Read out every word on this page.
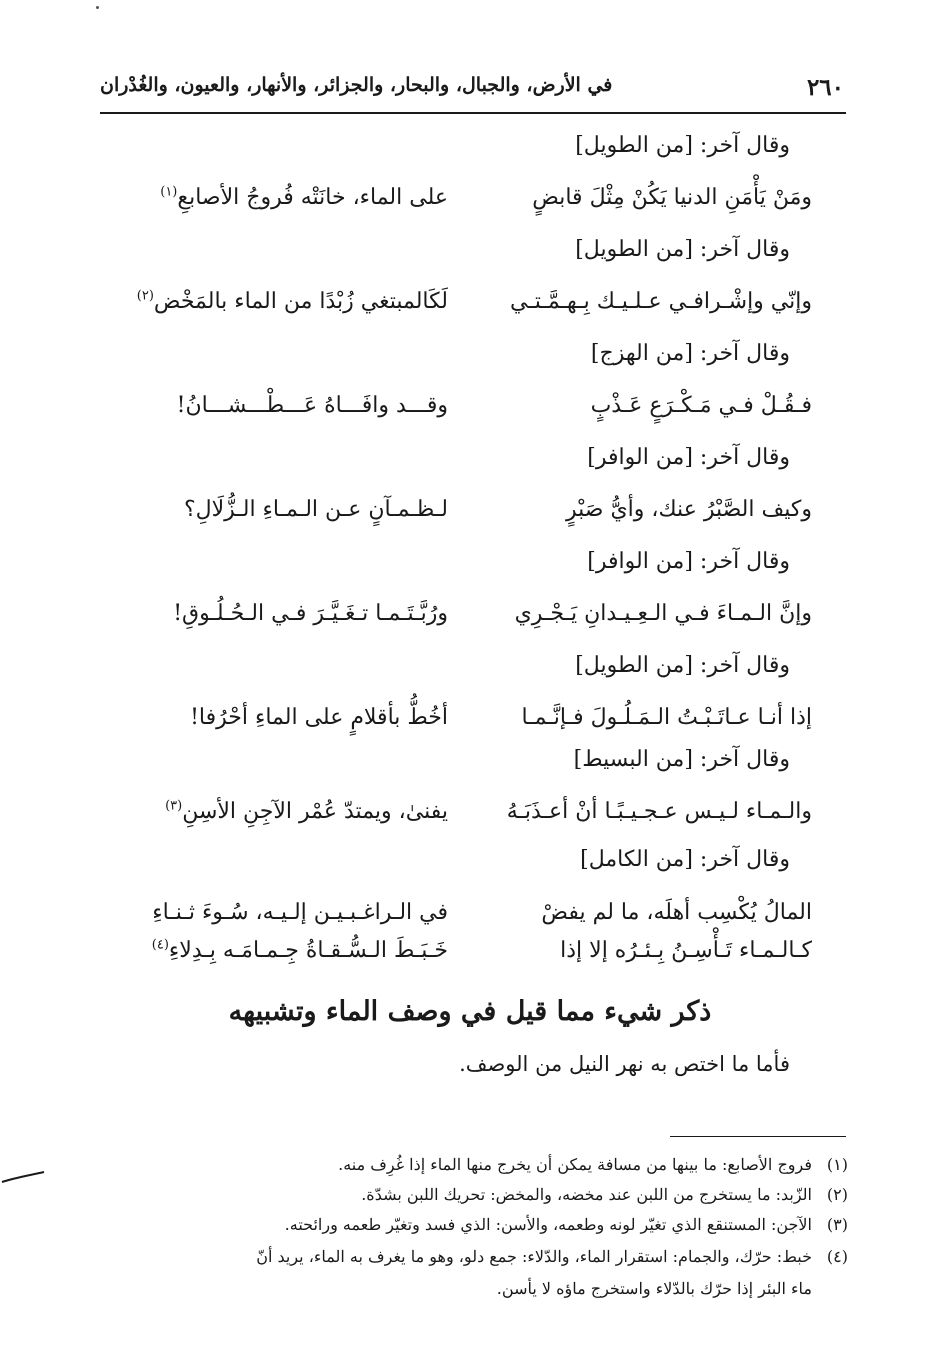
٢٦٠
في الأرض، والجبال، والبحار، والجزائر، والأنهار، والعيون، والغُدْران
وقال آخر: [من الطويل]
ومَنْ يَأْمَنِ الدنيا يَكُنْ مِثْلَ قابضٍ
على الماء، خانَتْه فُروجُ الأصابعِ$^{(١)}$
وقال آخر: [من الطويل]
وإنّي وإشْـرافـي عـلـيـك بِـهـمَّـتـي
لَكَالمبتغي زُبْدًا من الماء بالمَخْض$^{(٢)}$
وقال آخر: [من الهزج]
فـقُـلْ فـي مَـكْـرَعٍ عَـذْبٍ
وقـــد وافَـــاهُ عَـــطْـــشـــانُ!
وقال آخر: [من الوافر]
وكيف الصَّبْرُ عنك، وأيُّ صَبْرٍ
لـظـمـآنٍ عـن الـمـاءِ الـزُّلَالِ؟
وقال آخر: [من الوافر]
وإنَّ الـمـاءَ فـي الـعِـيـدانِ يَـجْـرِي
ورُبَّـتَـمـا تـغَـيَّـرَ فـي الـحُـلُـوقِ!
وقال آخر: [من الطويل]
إذا أنـا عـاتَـبْـتُ الـمَـلُـولَ فـإنَّـمـا
أخُطُّ بأقلامٍ على الماءِ أحْرُفا!
وقال آخر: [من البسيط]
والـمـاء لـيـس عـجـيـبًـا أنْ أعـذَبَـهُ
يفنىٰ، ويمتدّ عُمْر الآجِنِ الأسِنِ$^{(٣)}$
وقال آخر: [من الكامل]
المالُ يُكْسِب أهلَه، ما لم يفضْ
في الـراغـبـيـن إلـيـه، سُـوءَ ثـنـاءِ
كـالـمـاء تَـأْسِـنُ بِـئـرُه إلا إذا
خَـبَـطَ الـسُّـقـاةُ جِـمـامَـه بِـدِلاءِ$^{(٤)}$
ذكر شيء مما قيل في وصف الماء وتشبيهه
فأما ما اختص به نهر النيل من الوصف.
(١)فروج الأصابع: ما بينها من مسافة يمكن أن يخرج منها الماء إذا غُرِف منه.
(٢)الزّبد: ما يستخرج من اللبن عند مخضه، والمخض: تحريك اللبن بشدّة.
(٣)الآجن: المستنقع الذي تغيّر لونه وطعمه، والأسن: الذي فسد وتغيّر طعمه ورائحته.
(٤)خبط: حرّك، والجمام: استقرار الماء، والدّلاء: جمع دلو، وهو ما يغرف به الماء، يريد أنّ
ماء البئر إذا حرّك بالدّلاء واستخرج ماؤه لا يأسن.
